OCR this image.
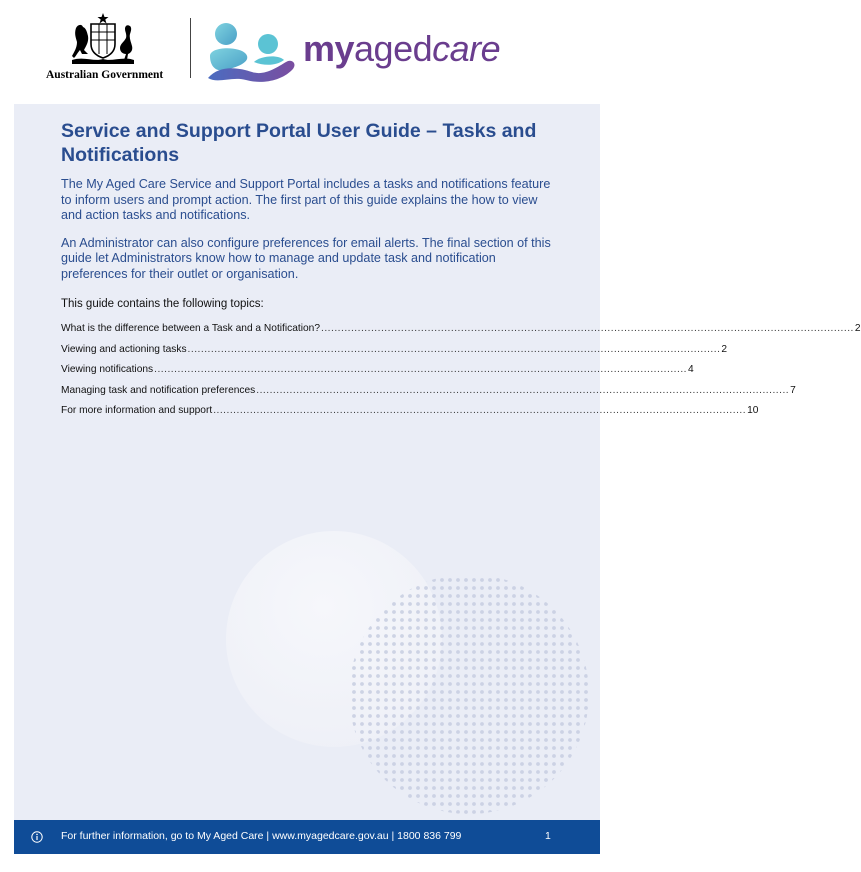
Australian Government
myagedcare
Service and Support Portal User Guide – Tasks and Notifications

The My Aged Care Service and Support Portal includes a tasks and notifications feature to inform users and prompt action. The first part of this guide explains the how to view and action tasks and notifications.

An Administrator can also configure preferences for email alerts. The final section of this guide let Administrators know how to manage and update task and notification preferences for their outlet or organisation.

This guide contains the following topics:

What is the difference between a Task and a Notification? ................................................................................................................................................................ 2
Viewing and actioning tasks ................................................................................................................................................................ 2
Viewing notifications ................................................................................................................................................................ 4
Managing task and notification preferences ................................................................................................................................................................ 7
For more information and support ................................................................................................................................................................ 10
For further information, go to My Aged Care | www.myagedcare.gov.au | 1800 836 799	1
